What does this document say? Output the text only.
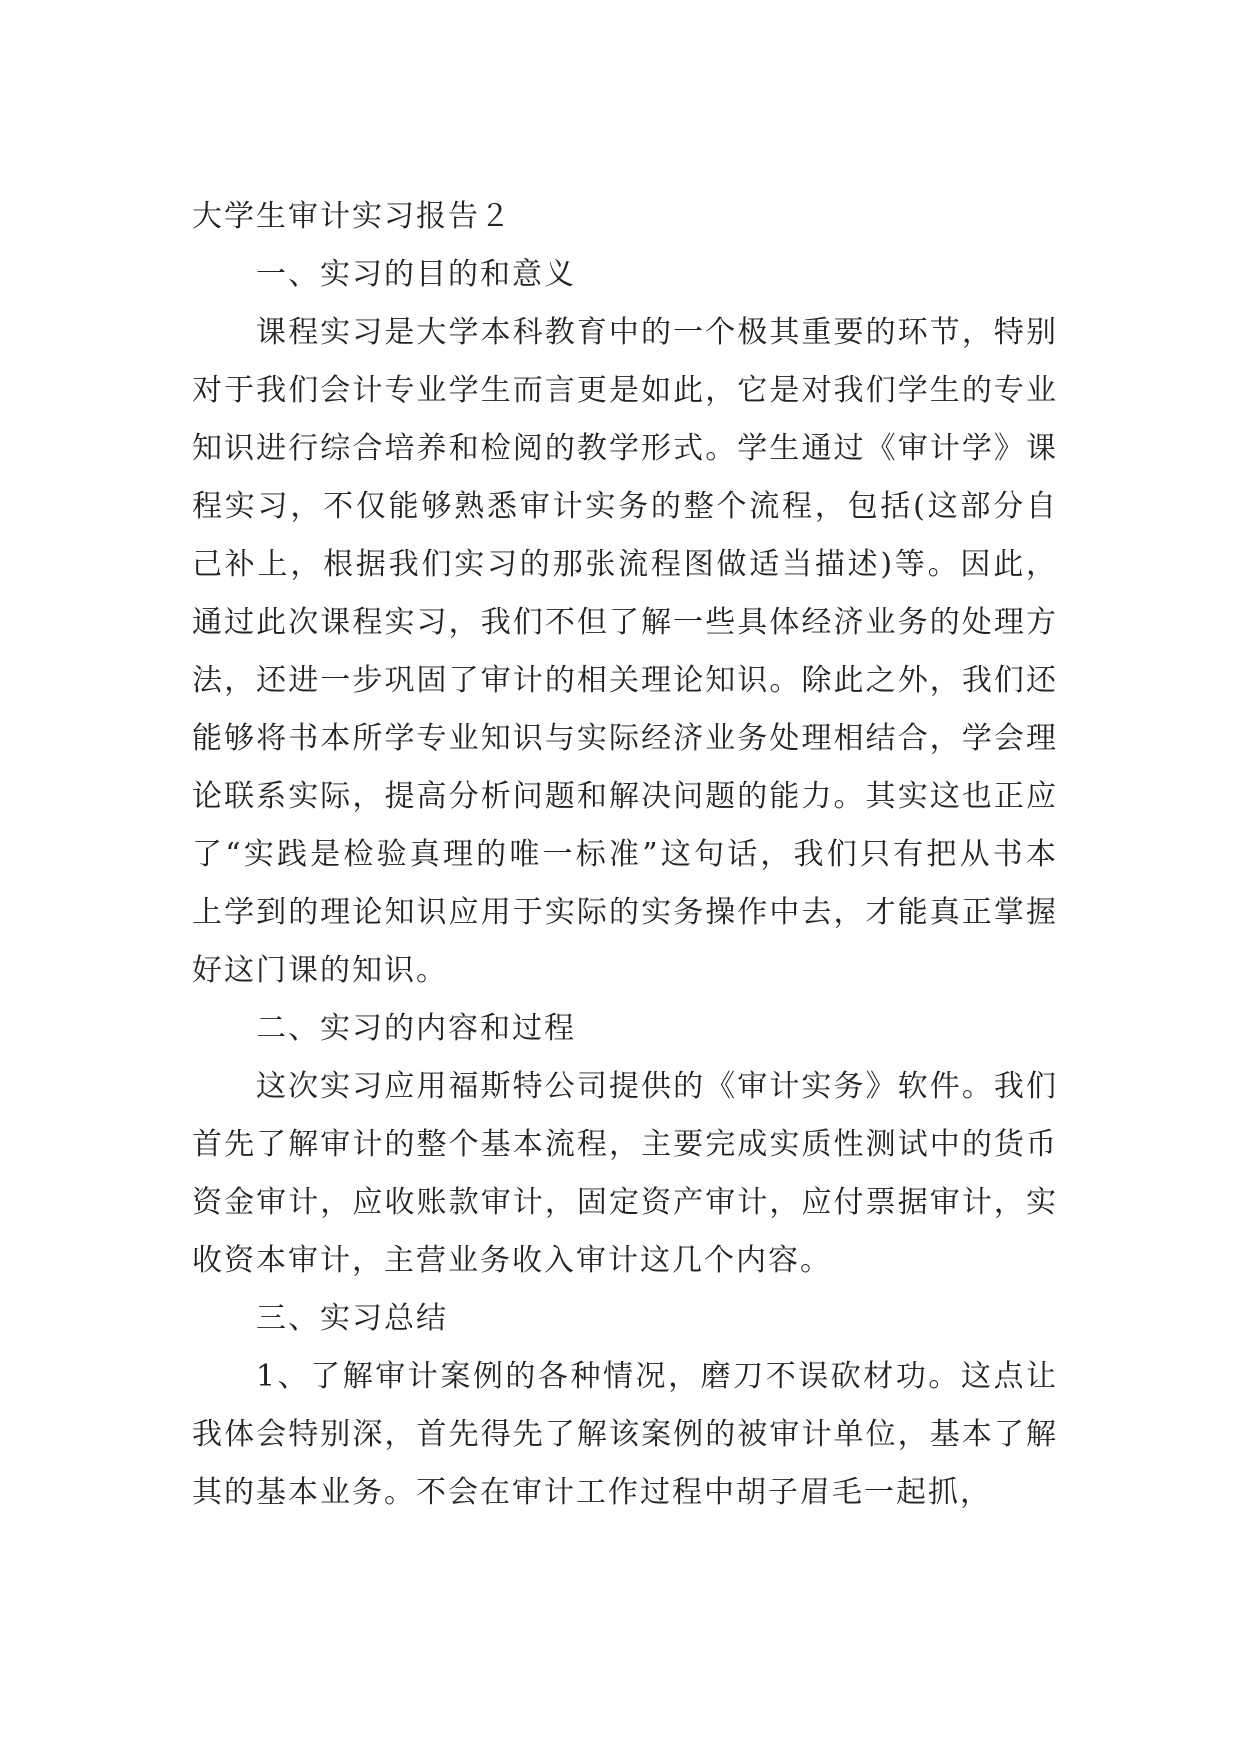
大学生审计实习报告２
一、实习的目的和意义

课程实习是大学本科教育中的一个极其重要的环节，特别对于我们会计专业学生而言更是如此，它是对我们学生的专业知识进行综合培养和检阅的教学形式。学生通过《审计学》课程实习，不仅能够熟悉审计实务的整个流程，包括(这部分自己补上，根据我们实习的那张流程图做适当描述)等。因此，通过此次课程实习，我们不但了解一些具体经济业务的处理方法，还进一步巩固了审计的相关理论知识。除此之外，我们还能够将书本所学专业知识与实际经济业务处理相结合，学会理论联系实际，提高分析问题和解决问题的能力。其实这也正应了“实践是检验真理的唯一标准”这句话，我们只有把从书本上学到的理论知识应用于实际的实务操作中去，才能真正掌握好这门课的知识。

二、实习的内容和过程

这次实习应用福斯特公司提供的《审计实务》软件。我们首先了解审计的整个基本流程，主要完成实质性测试中的货币资金审计，应收账款审计，固定资产审计，应付票据审计，实收资本审计，主营业务收入审计这几个内容。

三、实习总结

1、了解审计案例的各种情况，磨刀不误砍材功。这点让我体会特别深，首先得先了解该案例的被审计单位，基本了解其的基本业务。不会在审计工作过程中胡子眉毛一起抓，
